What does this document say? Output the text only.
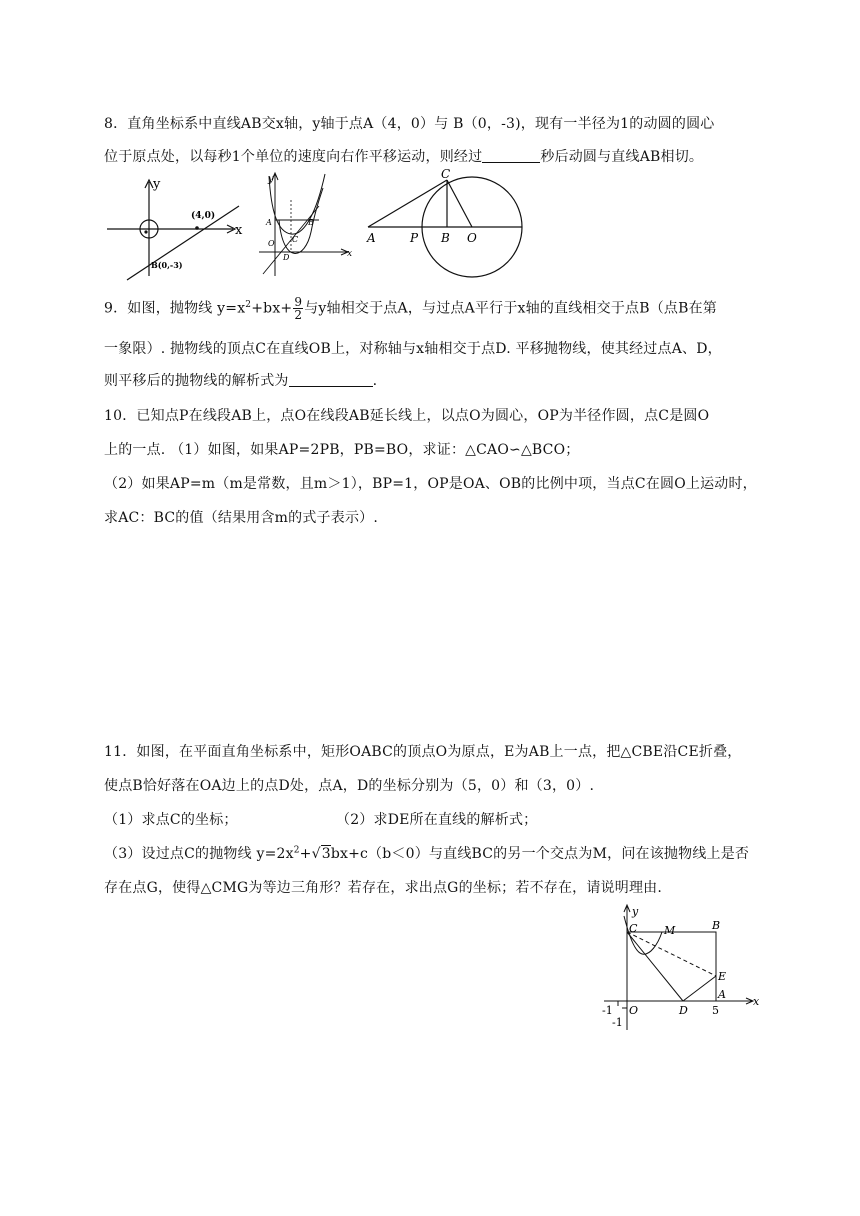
8．直角坐标系中直线AB交x轴，y轴于点A（4，0）与 B（0，-3)，现有一半径为1的动圆的圆心
位于原点处，以每秒1个单位的速度向右作平移运动，则经过	秒后动圆与直线AB相切。
y
x
(4,0)
B(0,-3)
y
x
A	B
C
D
O
C
A	P B O
9．如图，抛物线 $y=x^2+bx+ \frac{9}{2}$ 与y轴相交于点A，与过点A平行于x轴的直线相交于点B（点B在第
一象限）. 抛物线的顶点C在直线OB上，对称轴与x轴相交于点D. 平移抛物线，使其经过点A、D，
则平移后的抛物线的解析式为	.
10．已知点P在线段AB上，点O在线段AB延长线上，以点O为圆心，OP为半径作圆，点C是圆O
上的一点. （1）如图，如果AP=2PB，PB=BO，求证：△CAO∽△BCO；
（2）如果AP=m（m是常数，且m＞1），BP=1，OP是OA、OB的比例中项，当点C在圆O上运动时，
求AC：BC的值（结果用含m的式子表示）.
11．如图，在平面直角坐标系中，矩形OABC的顶点O为原点，E为AB上一点，把△CBE沿CE折叠，
使点B恰好落在OA边上的点D处，点A，D的坐标分别为（5，0）和（3，0）.
（1）求点C的坐标；	（2）求DE所在直线的解析式；
（3）设过点C的抛物线 $y=2x^2+√3bx+c(b<0)$与直线BC的另一个交点为M，问在该抛物线上是否
存在点G，使得△CMG为等边三角形？若存在，求出点G的坐标；若不存在，请说明理由.
y
x
C M	B
E
A
O	D
-1
-1
5
